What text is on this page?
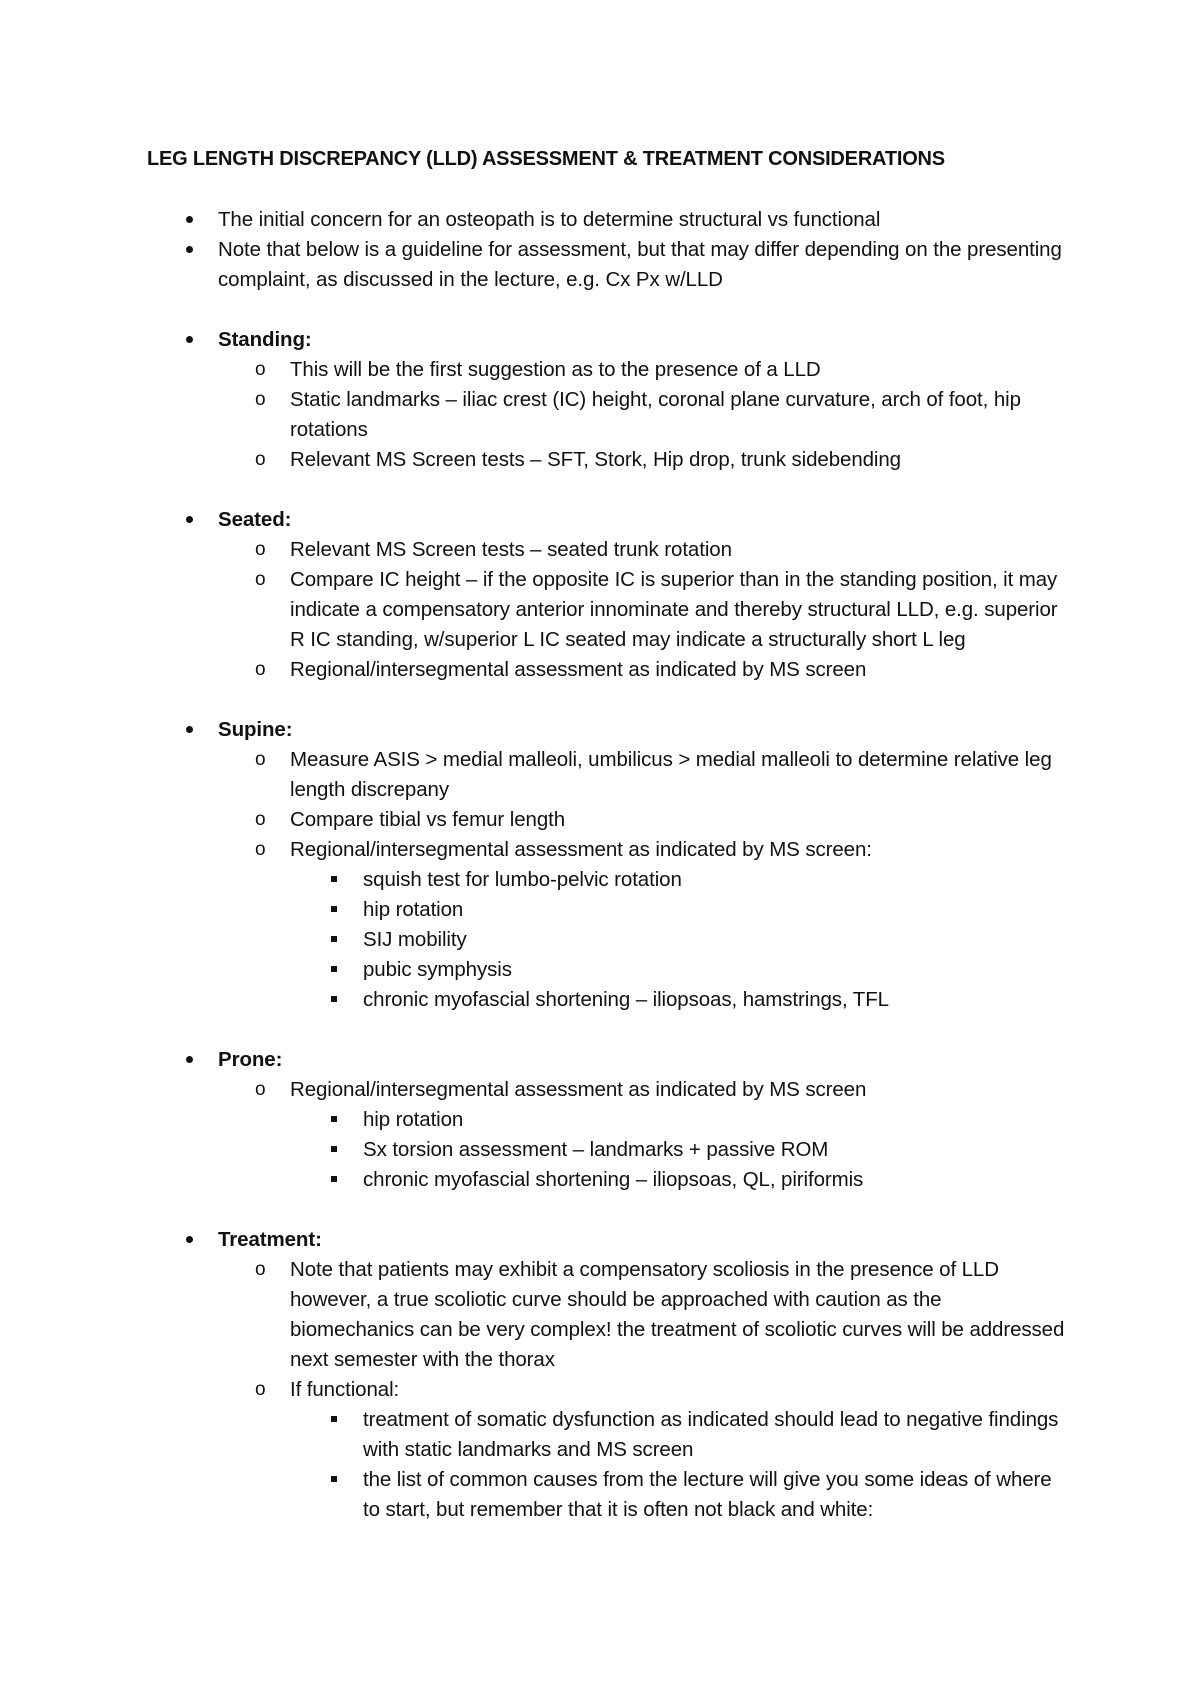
LEG LENGTH DISCREPANCY (LLD) ASSESSMENT & TREATMENT CONSIDERATIONS
The initial concern for an osteopath is to determine structural vs functional
Note that below is a guideline for assessment, but that may differ depending on the presenting complaint, as discussed in the lecture, e.g. Cx Px w/LLD
Standing:
o This will be the first suggestion as to the presence of a LLD
o Static landmarks – iliac crest (IC) height, coronal plane curvature, arch of foot, hip rotations
o Relevant MS Screen tests – SFT, Stork, Hip drop, trunk sidebending
Seated:
o Relevant MS Screen tests – seated trunk rotation
o Compare IC height – if the opposite IC is superior than in the standing position, it may indicate a compensatory anterior innominate and thereby structural LLD, e.g. superior R IC standing, w/superior L IC seated may indicate a structurally short L leg
o Regional/intersegmental assessment as indicated by MS screen
Supine:
o Measure ASIS > medial malleoli, umbilicus > medial malleoli to determine relative leg length discrepany
o Compare tibial vs femur length
o Regional/intersegmental assessment as indicated by MS screen:
squish test for lumbo-pelvic rotation
hip rotation
SIJ mobility
pubic symphysis
chronic myofascial shortening – iliopsoas, hamstrings, TFL
Prone:
o Regional/intersegmental assessment as indicated by MS screen
hip rotation
Sx torsion assessment – landmarks + passive ROM
chronic myofascial shortening – iliopsoas, QL, piriformis
Treatment:
o Note that patients may exhibit a compensatory scoliosis in the presence of LLD however, a true scoliotic curve should be approached with caution as the biomechanics can be very complex! the treatment of scoliotic curves will be addressed next semester with the thorax
o If functional:
treatment of somatic dysfunction as indicated should lead to negative findings with static landmarks and MS screen
the list of common causes from the lecture will give you some ideas of where to start, but remember that it is often not black and white:
